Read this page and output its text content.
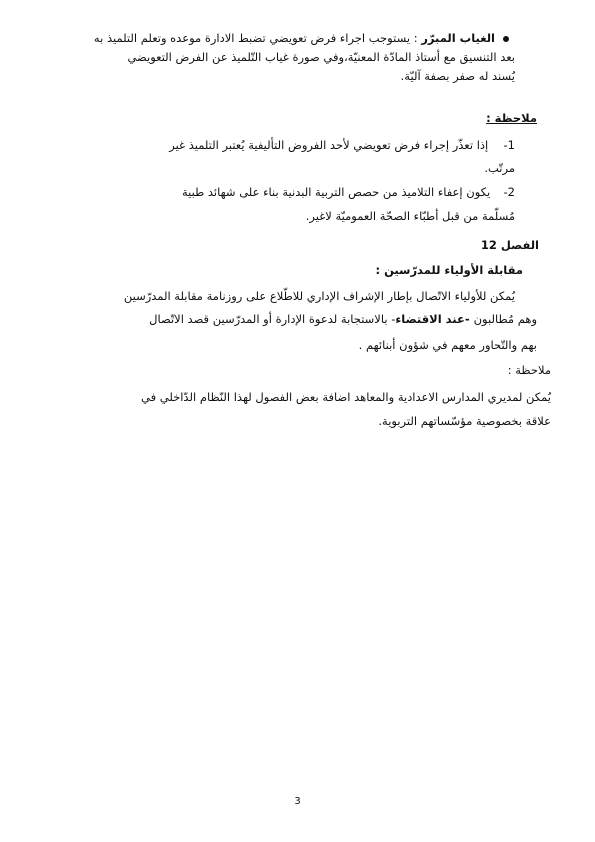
الغياب المبرّر : يستوجب اجراء فرض تعويضي تضبط الادارة موعده وتعلم التلميذ به
بعد التنسيق مع أستاذ المادّة المعنيّة،وفي صورة غياب التّلميذ عن الفرض التعويضي
يُسند له صفر بصفة آليّة.
ملاحظة :
1-  إذا تعذّر إجراء فرض تعويضي لأحد الفروض التأليفية يُعتبر التلميذ غير
مرتّب.
2-  يكون إعفاء التلاميذ من حصص التربية البدنية بناء على شهائد طبية
مُسلّمة من قبل أطبّاء الصحّة العموميّة لاغير.
الفصل 12
مقابلة الأولياء للمدرّسين :
يُمكن للأولياء الاتّصال بإطار الإشراف الإداري للاطّلاع على روزنامة مقابلة المدرّسين
وهم مُطالبون -عند الاقتضاء- بالاستجابة لدعوة الإدارة أو المدرّسين قصد الاتّصال
بهم والتّحاور معهم في شؤون أبنائهم .
ملاحظة :
يُمكن لمديري المدارس الاعدادية والمعاهد اضافة بعض الفصول لهذا النّظام الدّاخلي في
علاقة بخصوصية مؤسّساتهم التربوية.
3
